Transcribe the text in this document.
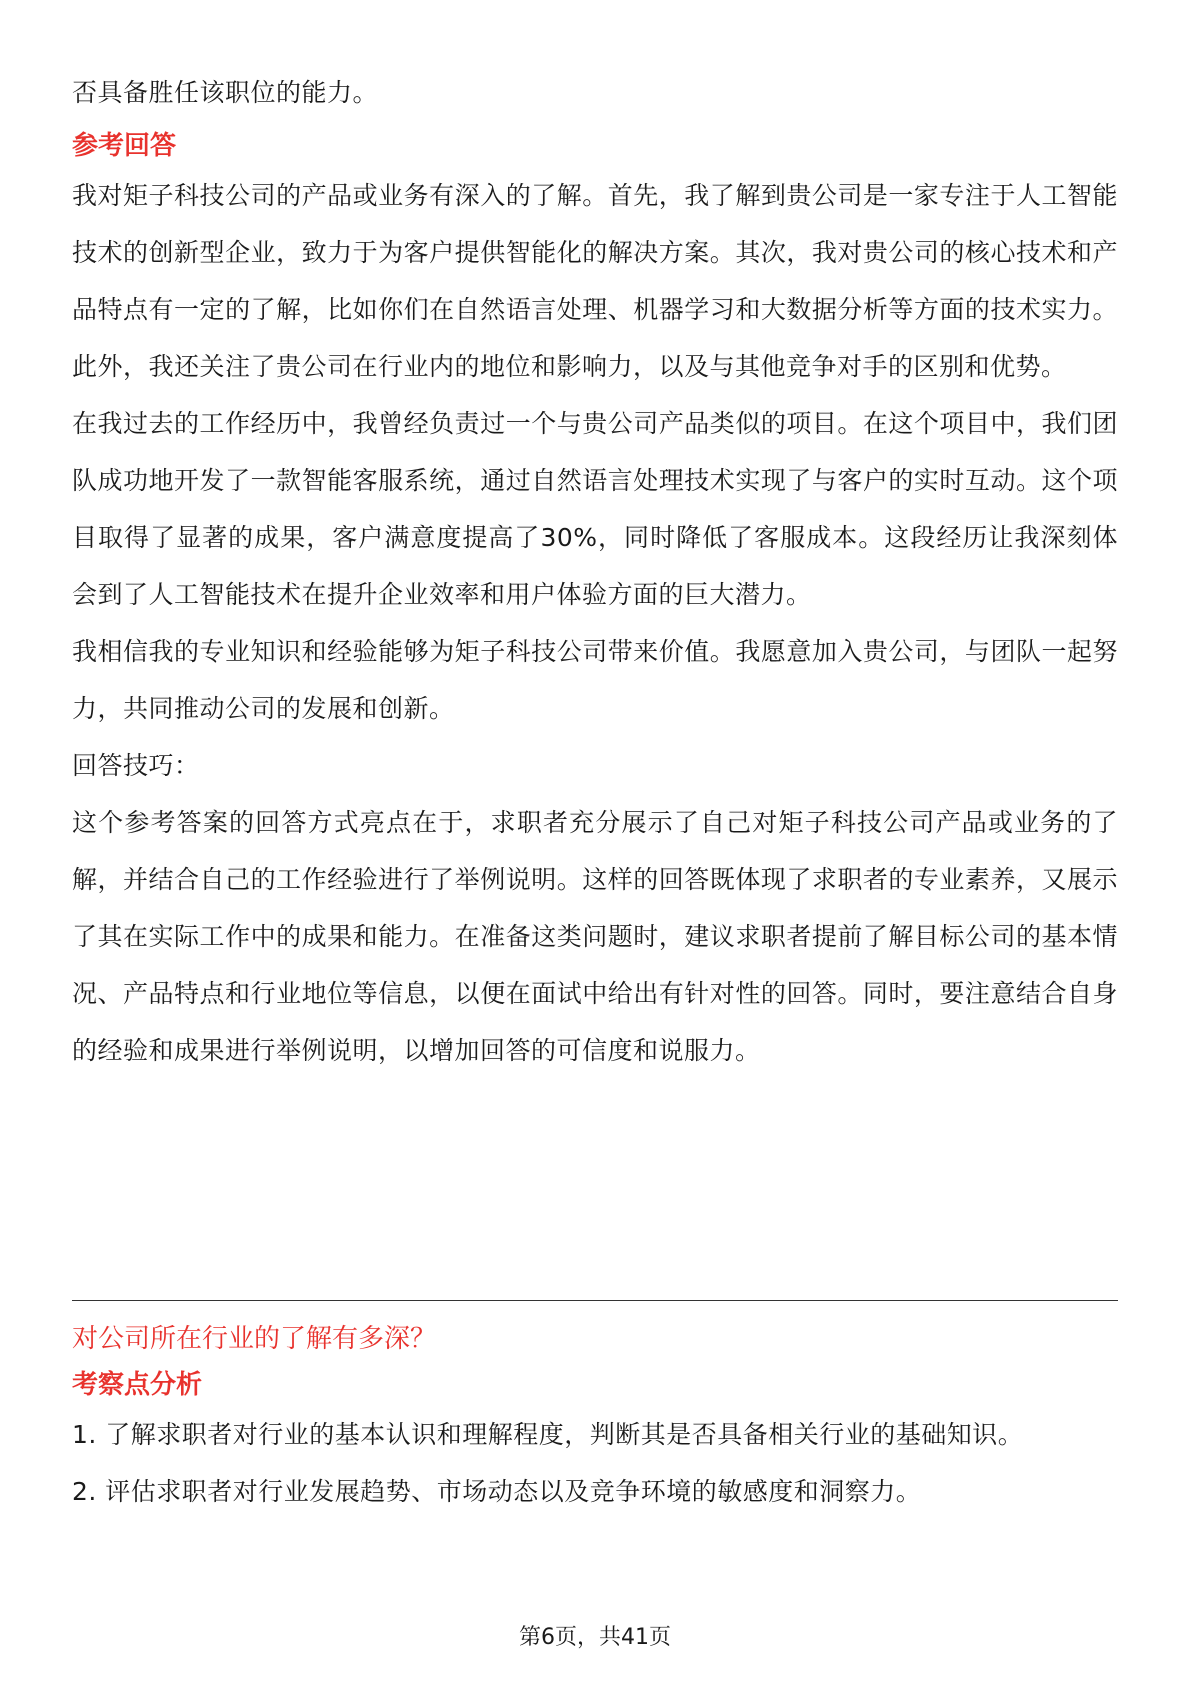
否具备胜任该职位的能力。

参考回答

我对矩子科技公司的产品或业务有深入的了解。首先，我了解到贵公司是一家专注于人工智能技术的创新型企业，致力于为客户提供智能化的解决方案。其次，我对贵公司的核心技术和产品特点有一定的了解，比如你们在自然语言处理、机器学习和大数据分析等方面的技术实力。此外，我还关注了贵公司在行业内的地位和影响力，以及与其他竞争对手的区别和优势。

在我过去的工作经历中，我曾经负责过一个与贵公司产品类似的项目。在这个项目中，我们团队成功地开发了一款智能客服系统，通过自然语言处理技术实现了与客户的实时互动。这个项目取得了显著的成果，客户满意度提高了30%，同时降低了客服成本。这段经历让我深刻体会到了人工智能技术在提升企业效率和用户体验方面的巨大潜力。

我相信我的专业知识和经验能够为矩子科技公司带来价值。我愿意加入贵公司，与团队一起努力，共同推动公司的发展和创新。

回答技巧：

这个参考答案的回答方式亮点在于，求职者充分展示了自己对矩子科技公司产品或业务的了解，并结合自己的工作经验进行了举例说明。这样的回答既体现了求职者的专业素养，又展示了其在实际工作中的成果和能力。在准备这类问题时，建议求职者提前了解目标公司的基本情况、产品特点和行业地位等信息，以便在面试中给出有针对性的回答。同时，要注意结合自身的经验和成果进行举例说明，以增加回答的可信度和说服力。

对公司所在行业的了解有多深？

考察点分析

1. 了解求职者对行业的基本认识和理解程度，判断其是否具备相关行业的基础知识。

2. 评估求职者对行业发展趋势、市场动态以及竞争环境的敏感度和洞察力。

第6页，共41页
